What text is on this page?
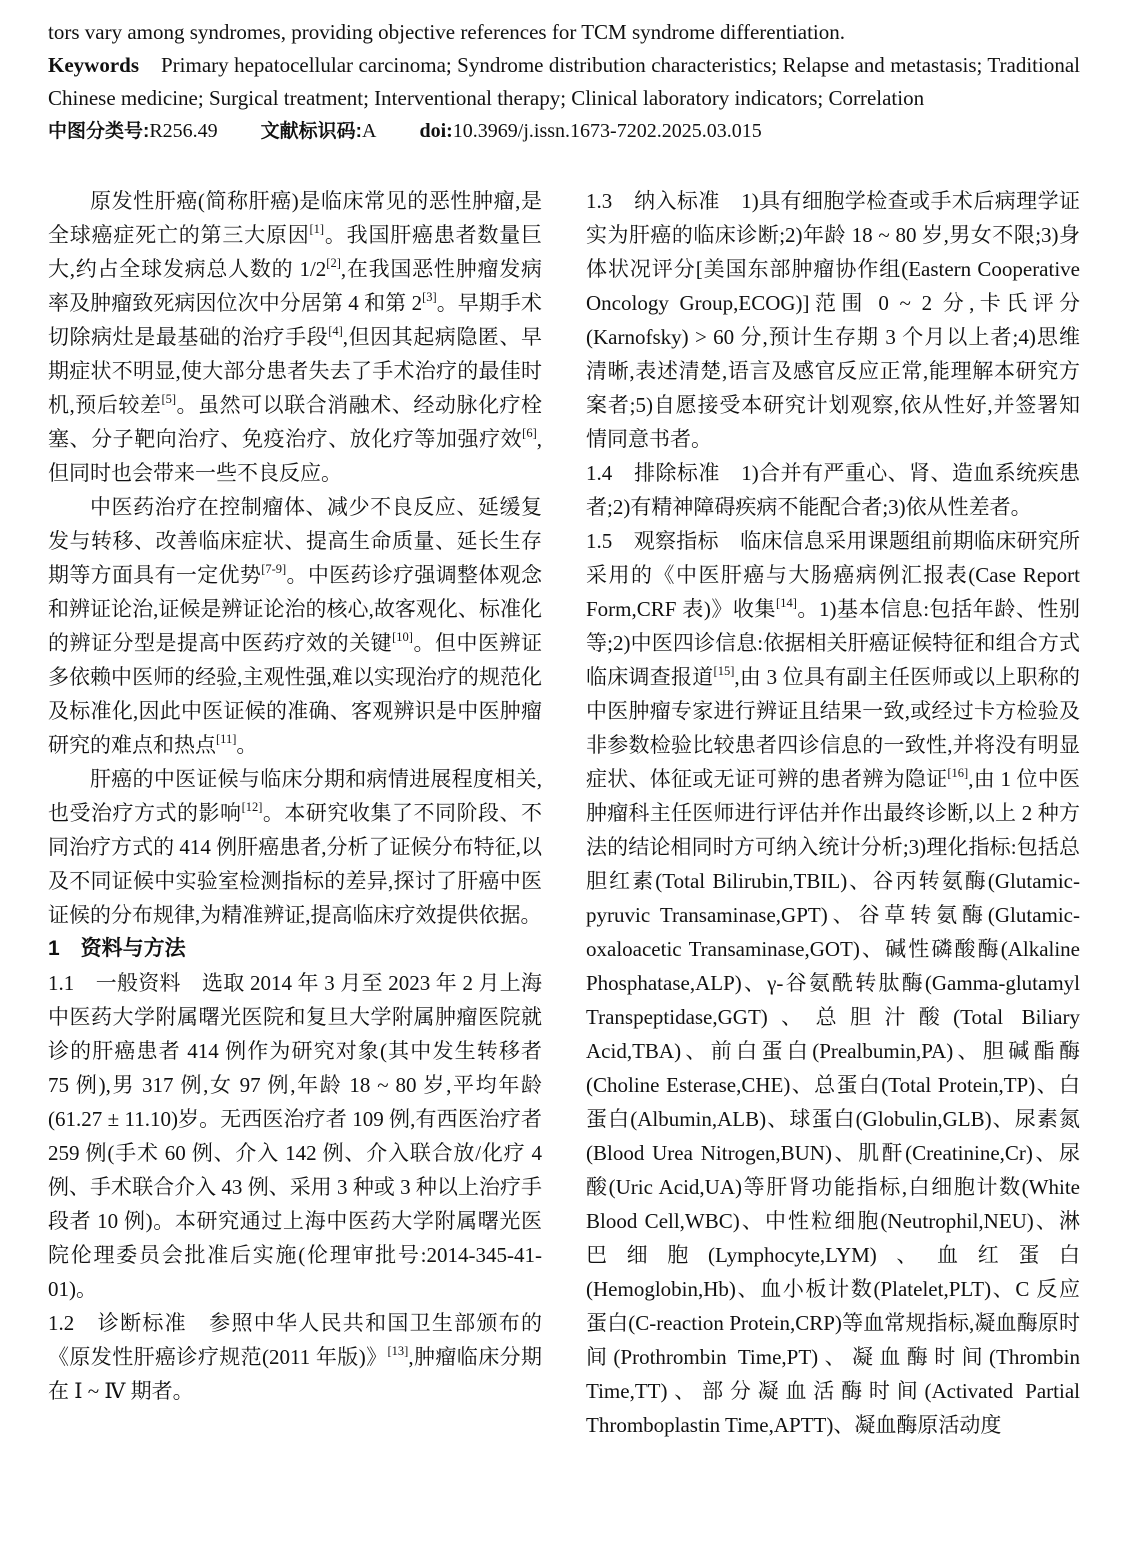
tors vary among syndromes, providing objective references for TCM syndrome differentiation.

Keywords Primary hepatocellular carcinoma; Syndrome distribution characteristics; Relapse and metastasis; Traditional Chinese medicine; Surgical treatment; Interventional therapy; Clinical laboratory indicators; Correlation

中图分类号:R256.49 文献标识码:A doi:10.3969/j.issn.1673-7202.2025.03.015

原发性肝癌(简称肝癌)是临床常见的恶性肿瘤,是全球癌症死亡的第三大原因[1]。我国肝癌患者数量巨大,约占全球发病总人数的 1/2[2],在我国恶性肿瘤发病率及肿瘤致死病因位次中分居第 4 和第 2[3]。早期手术切除病灶是最基础的治疗手段[4],但因其起病隐匿、早期症状不明显,使大部分患者失去了手术治疗的最佳时机,预后较差[5]。虽然可以联合消融术、经动脉化疗栓塞、分子靶向治疗、免疫治疗、放化疗等加强疗效[6],但同时也会带来一些不良反应。

中医药治疗在控制瘤体、减少不良反应、延缓复发与转移、改善临床症状、提高生命质量、延长生存期等方面具有一定优势[7-9]。中医药诊疗强调整体观念和辨证论治,证候是辨证论治的核心,故客观化、标准化的辨证分型是提高中医药疗效的关键[10]。但中医辨证多依赖中医师的经验,主观性强,难以实现治疗的规范化及标准化,因此中医证候的准确、客观辨识是中医肿瘤研究的难点和热点[11]。

肝癌的中医证候与临床分期和病情进展程度相关,也受治疗方式的影响[12]。本研究收集了不同阶段、不同治疗方式的 414 例肝癌患者,分析了证候分布特征,以及不同证候中实验室检测指标的差异,探讨了肝癌中医证候的分布规律,为精准辨证,提高临床疗效提供依据。

1　资料与方法

1.1　一般资料　选取 2014 年 3 月至 2023 年 2 月上海中医药大学附属曙光医院和复旦大学附属肿瘤医院就诊的肝癌患者 414 例作为研究对象(其中发生转移者 75 例),男 317 例,女 97 例,年龄 18 ~ 80 岁,平均年龄(61.27 ± 11.10)岁。无西医治疗者 109 例,有西医治疗者 259 例(手术 60 例、介入 142 例、介入联合放/化疗 4 例、手术联合介入 43 例、采用 3 种或 3 种以上治疗手段者 10 例)。本研究通过上海中医药大学附属曙光医院伦理委员会批准后实施(伦理审批号:2014-345-41-01)。

1.2　诊断标准　参照中华人民共和国卫生部颁布的《原发性肝癌诊疗规范(2011 年版)》[13],肿瘤临床分期在 Ⅰ ~ Ⅳ 期者。

1.3　纳入标准　1)具有细胞学检查或手术后病理学证实为肝癌的临床诊断;2)年龄 18 ~ 80 岁,男女不限;3)身体状况评分[美国东部肿瘤协作组(Eastern Cooperative Oncology Group,ECOG)]范围 0 ~ 2 分,卡氏评分(Karnofsky) > 60 分,预计生存期 3 个月以上者;4)思维清晰,表述清楚,语言及感官反应正常,能理解本研究方案者;5)自愿接受本研究计划观察,依从性好,并签署知情同意书者。

1.4　排除标准　1)合并有严重心、肾、造血系统疾患者;2)有精神障碍疾病不能配合者;3)依从性差者。

1.5　观察指标　临床信息采用课题组前期临床研究所采用的《中医肝癌与大肠癌病例汇报表(Case Report Form,CRF 表)》收集[14]。1)基本信息:包括年龄、性别等;2)中医四诊信息:依据相关肝癌证候特征和组合方式临床调查报道[15],由 3 位具有副主任医师或以上职称的中医肿瘤专家进行辨证且结果一致,或经过卡方检验及非参数检验比较患者四诊信息的一致性,并将没有明显症状、体征或无证可辨的患者辨为隐证[16],由 1 位中医肿瘤科主任医师进行评估并作出最终诊断,以上 2 种方法的结论相同时方可纳入统计分析;3)理化指标:包括总胆红素(Total Bilirubin,TBIL)、谷丙转氨酶(Glutamic-pyruvic Transaminase,GPT)、谷草转氨酶(Glutamic-oxaloacetic Transaminase,GOT)、碱性磷酸酶(Alkaline Phosphatase,ALP)、γ-谷氨酰转肽酶(Gamma-glutamyl Transpeptidase,GGT)、总胆汁酸(Total Biliary Acid,TBA)、前白蛋白(Prealbumin,PA)、胆碱酯酶(Choline Esterase,CHE)、总蛋白(Total Protein,TP)、白蛋白(Albumin,ALB)、球蛋白(Globulin,GLB)、尿素氮(Blood Urea Nitrogen,BUN)、肌酐(Creatinine,Cr)、尿酸(Uric Acid,UA)等肝肾功能指标,白细胞计数(White Blood Cell,WBC)、中性粒细胞(Neutrophil,NEU)、淋巴细胞(Lymphocyte,LYM)、血红蛋白(Hemoglobin,Hb)、血小板计数(Platelet,PLT)、C 反应蛋白(C-reaction Protein,CRP)等血常规指标,凝血酶原时间(Prothrombin Time,PT)、凝血酶时间(Thrombin Time,TT)、部分凝血活酶时间(Activated Partial Thromboplastin Time,APTT)、凝血酶原活动度
